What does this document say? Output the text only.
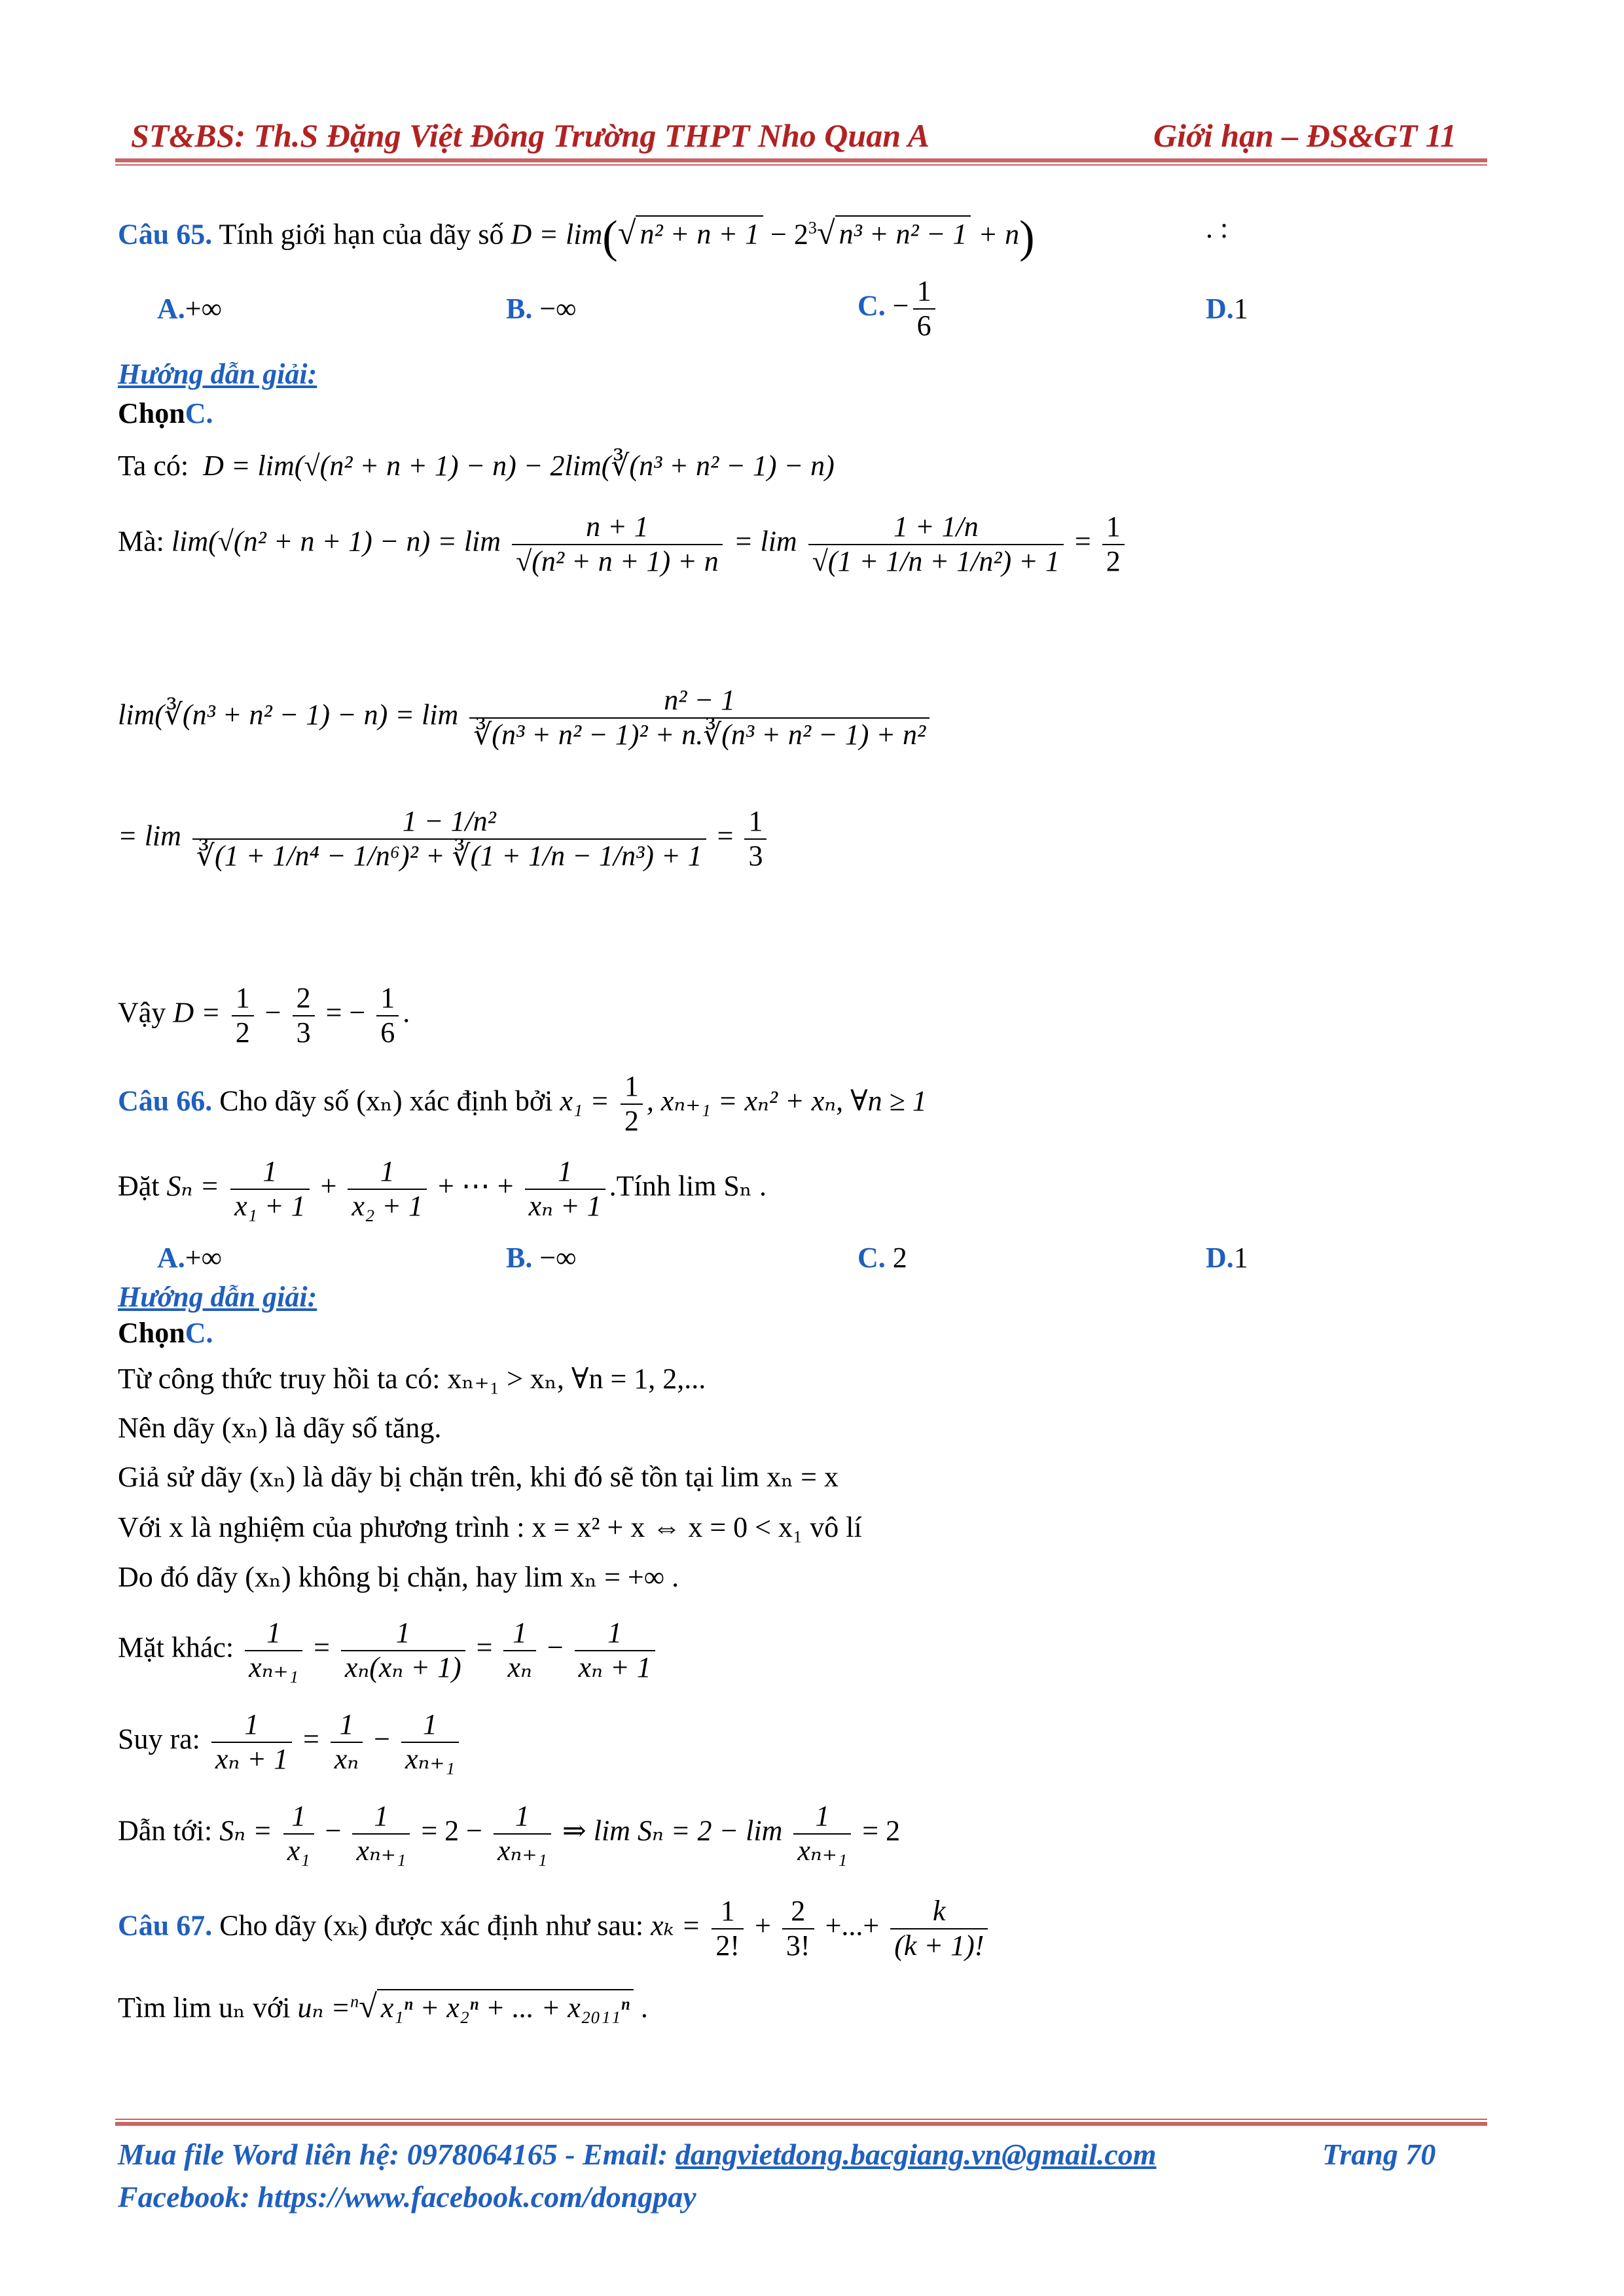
ST&BS: Th.S Đặng Việt Đông Trường THPT Nho Quan A	Giới hạn – ĐS&GT 11
Câu 65. Tính giới hạn của dãy số D = lim(√ $n^2 + n + 1 - 2^3√$ n³ + n² − 1 + n)	. :
A.+∞	B. −∞	C. − $\frac{1}{6}$	D.1
Hướng dẫn giải:
ChọnC.
Ta có: D = lim(√(n² + n + 1) − n) − 2lim(∛(n³ + n² − 1) − n)
Mà: $\lim(√(n^2 + n + 1) - n) = \lim \frac{n + 1}{\text{√(n² + n + 1) + n}} = \lim \frac{1 + 1/n}{\text{√(1 + 1/n + 1/n²) + 1}} = \frac{1}{2}$
lim(∛(n³ + $n^2 - 1) - n) = \lim \frac{\text{n² − 1}}{\text{∛(n³ + n² − 1)² + n.∛(n³ + n² − 1) + n²}}$
= $\lim \frac{\text{1 − 1/n²}}{\text{∛(1 + 1/n⁴ − 1/n⁶)² + ∛(1 + 1/n − 1/n³) + 1}} = \frac{1}{3}$
Vậy $D = \frac{1}{2} - \frac{2}{3}$ = − $\frac{1}{6}$ .
Câu 66. Cho dãy số (xₙ) xác định bởi $x_1 = \frac{1}{2}$ , xₙ₊₁ = xₙ² + xₙ, ∀n ≥ 1
Đặt $S_n = \frac{1}{\text{x₁ + 1}} + \frac{1}{\text{x₂ + 1}}$ + ⋯ + $\frac{1}{\text{xₙ + 1}}$ .Tính lim Sₙ .
A.+∞	B. −∞	C. 2	D.1
Hướng dẫn giải:
ChọnC.
Từ công thức truy hồi ta có: xₙ₊₁ > xₙ, ∀n = 1, 2,...
Nên dãy (xₙ) là dãy số tăng.
Giả sử dãy (xₙ) là dãy bị chặn trên, khi đó sẽ tồn tại lim xₙ = x
Với x là nghiệm của phương trình : x = x² + x ⇔ x = 0 < x₁ vô lí
Do đó dãy (xₙ) không bị chặn, hay lim xₙ = +∞ .
Mặt khác: $\frac{1}{\text{xₙ₊₁}} = \frac{1}{\text{xₙ(xₙ + 1)}} = \frac{1}{\text{xₙ}} - \frac{1}{\text{xₙ + 1}}$
Suy ra: $\frac{1}{\text{xₙ + 1}} = \frac{1}{\text{xₙ}} - \frac{1}{\text{xₙ₊₁}}$
Dẫn tới: $S_n = \frac{1}{\text{x₁}} - \frac{1}{\text{xₙ₊₁}} = 2 - \frac{1}{\text{xₙ₊₁}}$ ⇒ $\lim S_n = 2 - \lim \frac{1}{\text{xₙ₊₁}} = 2$
Câu 67. Cho dãy (xₖ) được xác định như sau: $x_k = \frac{1}{2!} + \frac{2}{3!}$ +...+ $\frac{k}{(k + 1)!}$
Tìm lim uₙ với uₙ =$^n$√ x₁ⁿ + x₂ⁿ + ... + x₂₀₁₁ⁿ .
Mua file Word liên hệ: 0978064165 - Email: dangvietdong.bacgiang.vn@gmail.com	Trang 70
Facebook: https://www.facebook.com/dongpay
